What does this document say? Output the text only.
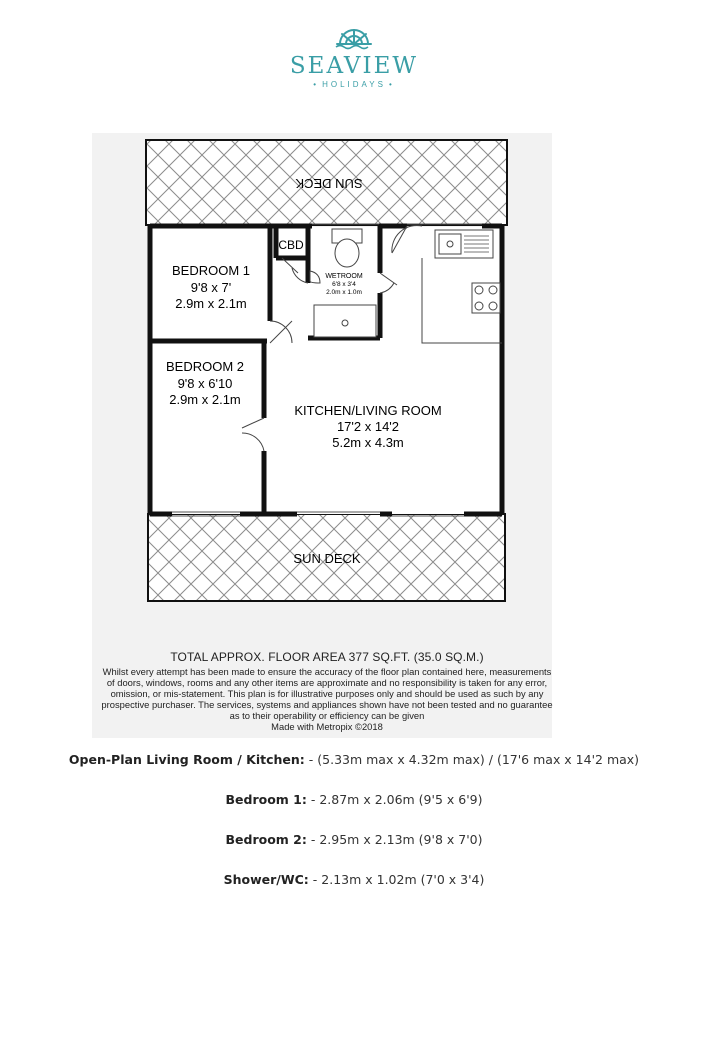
SEAVIEW
• HOLIDAYS •
SUN DECK
SUN DECK
CBD
BEDROOM 1
9'8 x 7'
2.9m x 2.1m
BEDROOM 2
9'8 x 6'10
2.9m x 2.1m
WETROOM
6'8 x 3'4
2.0m x 1.0m
KITCHEN/LIVING ROOM
17'2 x 14'2
5.2m x 4.3m
TOTAL APPROX. FLOOR AREA 377 SQ.FT. (35.0 SQ.M.)
Whilst every attempt has been made to ensure the accuracy of the floor plan contained here, measurements
of doors, windows, rooms and any other items are approximate and no responsibility is taken for any error,
omission, or mis-statement. This plan is for illustrative purposes only and should be used as such by any
prospective purchaser. The services, systems and appliances shown have not been tested and no guarantee
as to their operability or efficiency can be given
Made with Metropix ©2018
Open-Plan Living Room / Kitchen: - (5.33m max x 4.32m max) / (17'6 max x 14'2 max)
Bedroom 1: - 2.87m x 2.06m (9'5 x 6'9)
Bedroom 2: - 2.95m x 2.13m (9'8 x 7'0)
Shower/WC: - 2.13m x 1.02m (7'0 x 3'4)
